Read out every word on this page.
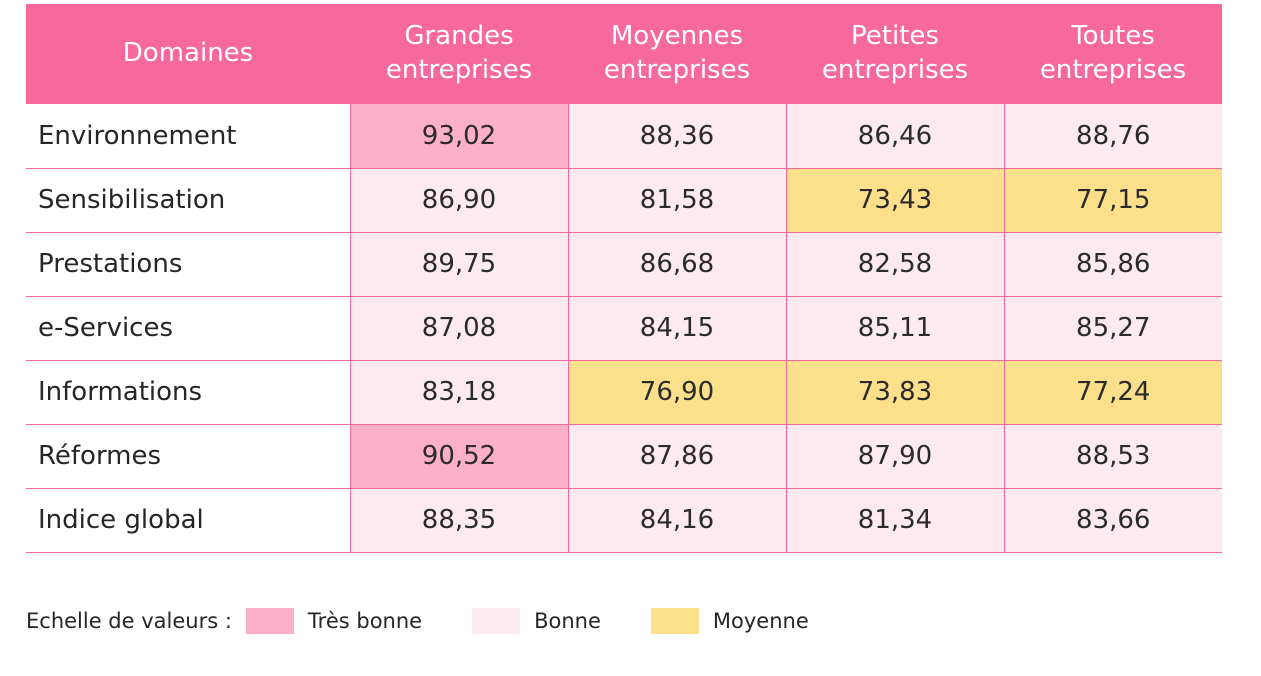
Domaines	Grandes entreprises	Moyennes entreprises	Petites entreprises	Toutes entreprises
Environnement	93,02	88,36	86,46	88,76
Sensibilisation	86,90	81,58	73,43	77,15
Prestations	89,75	86,68	82,58	85,86
e-Services	87,08	84,15	85,11	85,27
Informations	83,18	76,90	73,83	77,24
Réformes	90,52	87,86	87,90	88,53
Indice global	88,35	84,16	81,34	83,66
Echelle de valeurs :	Très bonne	Bonne	Moyenne
